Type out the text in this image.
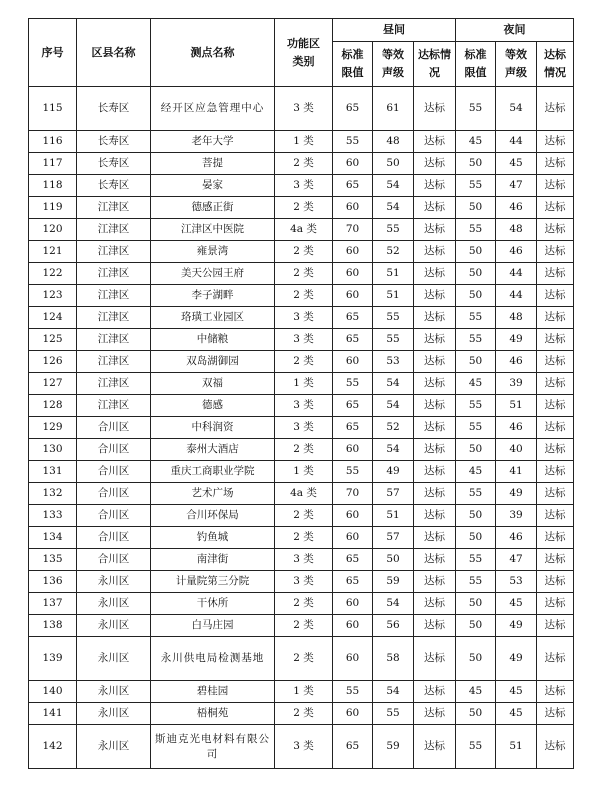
序号	区县名称	测点名称	功能区类别	昼间			夜间		
				标准限值	等效声级	达标情况	标准限值	等效声级	达标情况
115	长寿区	经开区应急管理中心	3 类	65	61	达标	55	54	达标
116	长寿区	老年大学	1 类	55	48	达标	45	44	达标
117	长寿区	菩提	2 类	60	50	达标	50	45	达标
118	长寿区	晏家	3 类	65	54	达标	55	47	达标
119	江津区	德感正街	2 类	60	54	达标	50	46	达标
120	江津区	江津区中医院	4a 类	70	55	达标	55	48	达标
121	江津区	雍景湾	2 类	60	52	达标	50	46	达标
122	江津区	美天公园王府	2 类	60	51	达标	50	44	达标
123	江津区	李子湖畔	2 类	60	51	达标	50	44	达标
124	江津区	珞璜工业园区	3 类	65	55	达标	55	48	达标
125	江津区	中储粮	3 类	65	55	达标	55	49	达标
126	江津区	双岛湖御园	2 类	60	53	达标	50	46	达标
127	江津区	双福	1 类	55	54	达标	45	39	达标
128	江津区	德感	3 类	65	54	达标	55	51	达标
129	合川区	中科润资	3 类	65	52	达标	55	46	达标
130	合川区	泰州大酒店	2 类	60	54	达标	50	40	达标
131	合川区	重庆工商职业学院	1 类	55	49	达标	45	41	达标
132	合川区	艺术广场	4a 类	70	57	达标	55	49	达标
133	合川区	合川环保局	2 类	60	51	达标	50	39	达标
134	合川区	钓鱼城	2 类	60	57	达标	50	46	达标
135	合川区	南津街	3 类	65	50	达标	55	47	达标
136	永川区	计量院第三分院	3 类	65	59	达标	55	53	达标
137	永川区	干休所	2 类	60	54	达标	50	45	达标
138	永川区	白马庄园	2 类	60	56	达标	50	49	达标
139	永川区	永川供电局检测基地	2 类	60	58	达标	50	49	达标
140	永川区	碧桂园	1 类	55	54	达标	45	45	达标
141	永川区	梧桐苑	2 类	60	55	达标	50	45	达标
142	永川区	斯迪克光电材料有限公司	3 类	65	59	达标	55	51	达标
